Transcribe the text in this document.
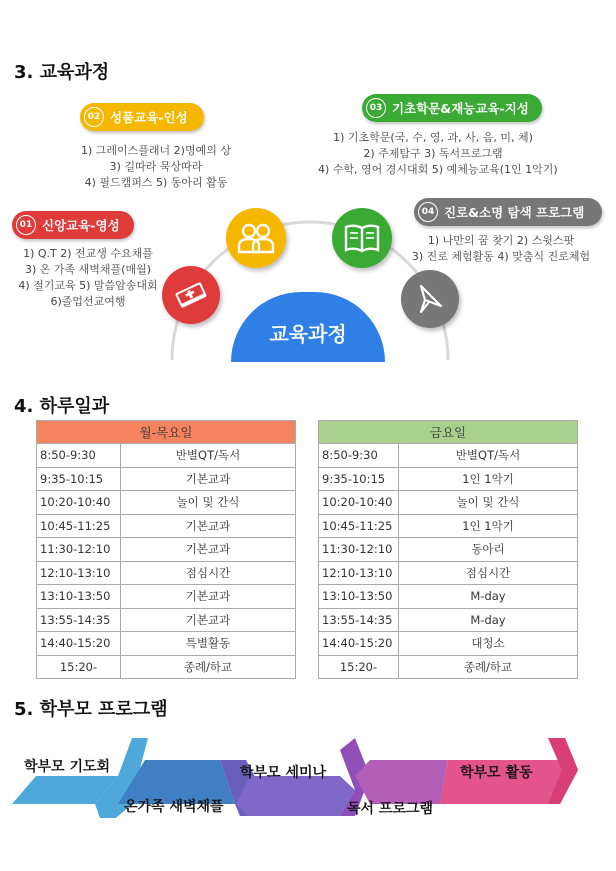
3. 교육과정
02 성품교육-인성
1) 그레이스플래너 2)명예의 상
3) 길따라 묵상따라
4) 필드캠퍼스 5) 동아리 활동
03 기초학문&재능교육-지성
1) 기초학문(국, 수, 영, 과, 사, 음, 미, 체)
2) 주제탐구 3) 독서프로그램
4) 수학, 영어 경시대회 5) 예체능교육(1인 1악기)
01 신앙교육-영성
1) Q.T 2) 전교생 수요채플
3) 온 가족 새벽채플(매월)
4) 절기교육 5) 말씀암송대회
6)졸업선교여행
04 진로&소명 탐색 프로그램
1) 나만의 꿈 찾기 2) 스윗스팟
3) 진로 체험활동 4) 맞춤식 진로체험
교육과정
4. 하루일과
월-목요일	
8:50-9:30	반별QT/독서
9:35-10:15	기본교과
10:20-10:40	놀이 및 간식
10:45-11:25	기본교과
11:30-12:10	기본교과
12:10-13:10	점심시간
13:10-13:50	기본교과
13:55-14:35	기본교과
14:40-15:20	특별활동
15:20-	종례/하교
금요일	
8:50-9:30	반별QT/독서
9:35-10:15	1인 1악기
10:20-10:40	놀이 및 간식
10:45-11:25	1인 1악기
11:30-12:10	동아리
12:10-13:10	점심시간
13:10-13:50	M-day
13:55-14:35	M-day
14:40-15:20	대청소
15:20-	종례/하교
5. 학부모 프로그램
학부모 기도회
온가족 새벽채플
학부모 세미나
독서 프로그램
학부모 활동
